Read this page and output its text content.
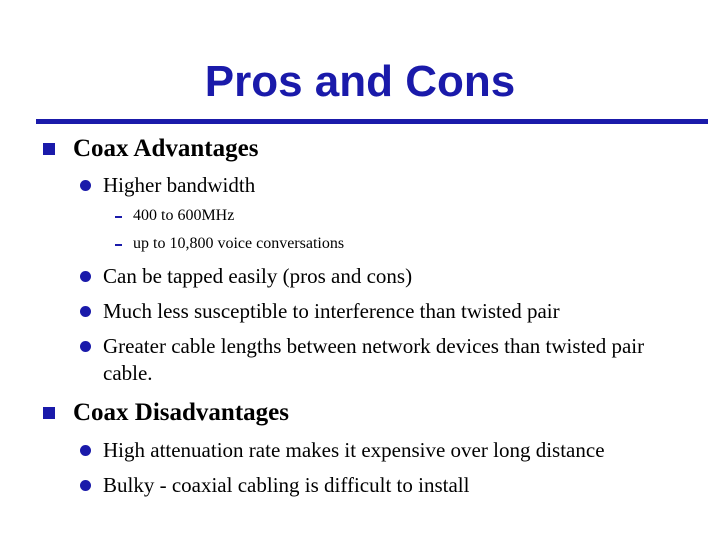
Pros and Cons
Coax Advantages
Higher bandwidth
400 to 600MHz
up to 10,800 voice conversations
Can be tapped easily (pros and cons)
Much less susceptible to interference than twisted pair
Greater cable lengths between network devices than twisted pair cable.
Coax Disadvantages
High attenuation rate makes it expensive over long distance
Bulky - coaxial cabling is difficult to install
